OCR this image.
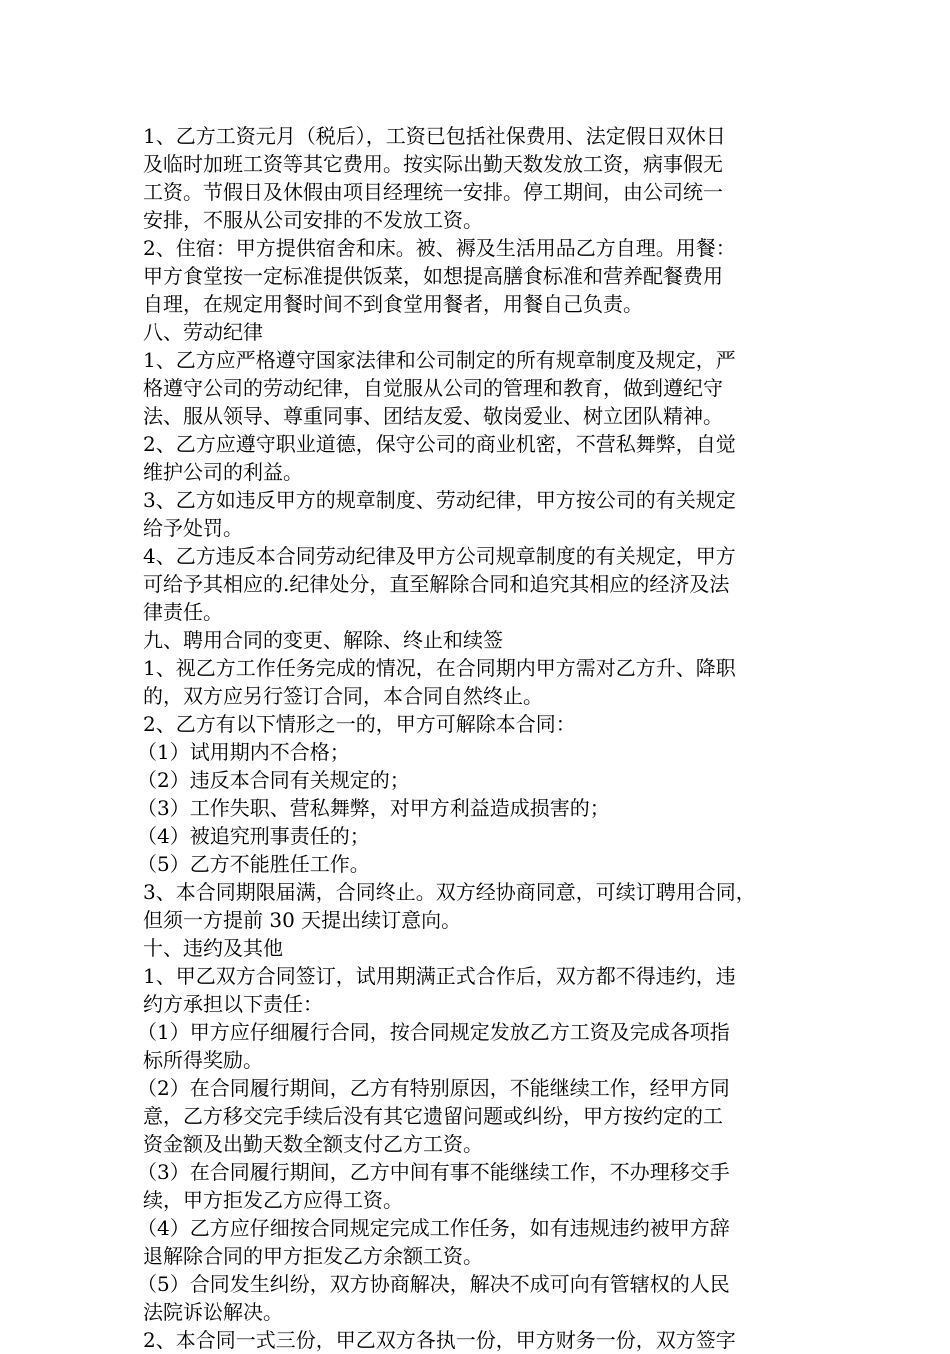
1、乙方工资元月（税后），工资已包括社保费用、法定假日双休日
及临时加班工资等其它费用。按实际出勤天数发放工资，病事假无
工资。节假日及休假由项目经理统一安排。停工期间，由公司统一
安排，不服从公司安排的不发放工资。
2、住宿：甲方提供宿舍和床。被、褥及生活用品乙方自理。用餐：
甲方食堂按一定标准提供饭菜，如想提高膳食标准和营养配餐费用
自理，在规定用餐时间不到食堂用餐者，用餐自己负责。
八、劳动纪律
1、乙方应严格遵守国家法律和公司制定的所有规章制度及规定，严
格遵守公司的劳动纪律，自觉服从公司的管理和教育，做到遵纪守
法、服从领导、尊重同事、团结友爱、敬岗爱业、树立团队精神。
2、乙方应遵守职业道德，保守公司的商业机密，不营私舞弊，自觉
维护公司的利益。
3、乙方如违反甲方的规章制度、劳动纪律，甲方按公司的有关规定
给予处罚。
4、乙方违反本合同劳动纪律及甲方公司规章制度的有关规定，甲方
可给予其相应的.纪律处分，直至解除合同和追究其相应的经济及法
律责任。
九、聘用合同的变更、解除、终止和续签
1、视乙方工作任务完成的情况，在合同期内甲方需对乙方升、降职
的，双方应另行签订合同，本合同自然终止。
2、乙方有以下情形之一的，甲方可解除本合同：
（1）试用期内不合格；
（2）违反本合同有关规定的；
（3）工作失职、营私舞弊，对甲方利益造成损害的；
（4）被追究刑事责任的；
（5）乙方不能胜任工作。
3、本合同期限届满，合同终止。双方经协商同意，可续订聘用合同，
但须一方提前 30 天提出续订意向。
十、违约及其他
1、甲乙双方合同签订，试用期满正式合作后，双方都不得违约，违
约方承担以下责任：
（1）甲方应仔细履行合同，按合同规定发放乙方工资及完成各项指
标所得奖励。
（2）在合同履行期间，乙方有特别原因，不能继续工作，经甲方同
意，乙方移交完手续后没有其它遗留问题或纠纷，甲方按约定的工
资金额及出勤天数全额支付乙方工资。
（3）在合同履行期间，乙方中间有事不能继续工作，不办理移交手
续，甲方拒发乙方应得工资。
（4）乙方应仔细按合同规定完成工作任务，如有违规违约被甲方辞
退解除合同的甲方拒发乙方余额工资。
（5）合同发生纠纷，双方协商解决，解决不成可向有管辖权的人民
法院诉讼解决。
2、本合同一式三份，甲乙双方各执一份，甲方财务一份，双方签字
